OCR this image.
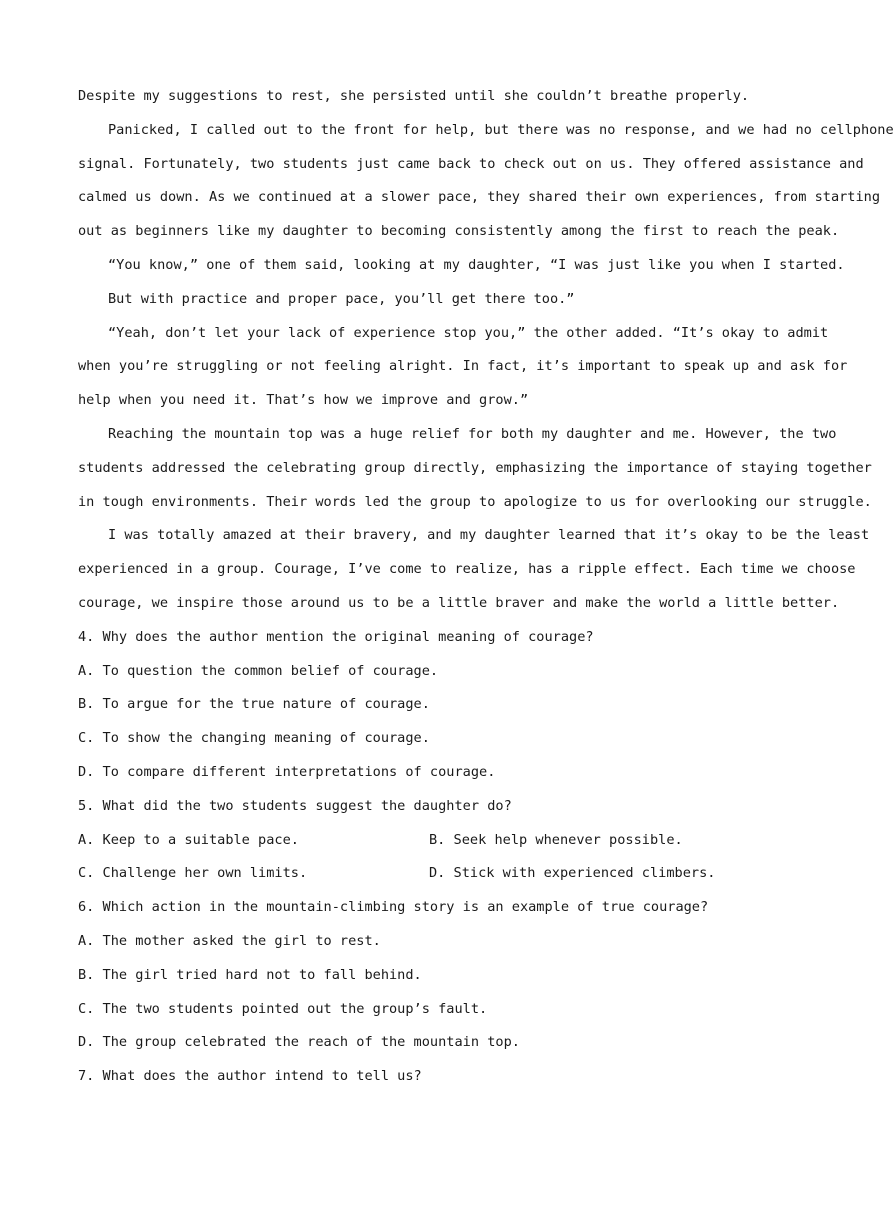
Despite my suggestions to rest, she persisted until she couldn’t breathe properly.
Panicked, I called out to the front for help, but there was no response, and we had no cellphone
signal. Fortunately, two students just came back to check out on us. They offered assistance and
calmed us down. As we continued at a slower pace, they shared their own experiences, from starting
out as beginners like my daughter to becoming consistently among the first to reach the peak.
“You know,” one of them said, looking at my daughter, “I was just like you when I started.
But with practice and proper pace, you’ll get there too.”
“Yeah, don’t let your lack of experience stop you,” the other added. “It’s okay to admit
when you’re struggling or not feeling alright. In fact, it’s important to speak up and ask for
help when you need it. That’s how we improve and grow.”
Reaching the mountain top was a huge relief for both my daughter and me. However, the two
students addressed the celebrating group directly, emphasizing the importance of staying together
in tough environments. Their words led the group to apologize to us for overlooking our struggle.
I was totally amazed at their bravery, and my daughter learned that it’s okay to be the least
experienced in a group. Courage, I’ve come to realize, has a ripple effect. Each time we choose
courage, we inspire those around us to be a little braver and make the world a little better.
4. Why does the author mention the original meaning of courage?
A. To question the common belief of courage.
B. To argue for the true nature of courage.
C. To show the changing meaning of courage.
D. To compare different interpretations of courage.
5. What did the two students suggest the daughter do?
A. Keep to a suitable pace.	B. Seek help whenever possible.
C. Challenge her own limits.	D. Stick with experienced climbers.
6. Which action in the mountain-climbing story is an example of true courage?
A. The mother asked the girl to rest.
B. The girl tried hard not to fall behind.
C. The two students pointed out the group’s fault.
D. The group celebrated the reach of the mountain top.
7. What does the author intend to tell us?
